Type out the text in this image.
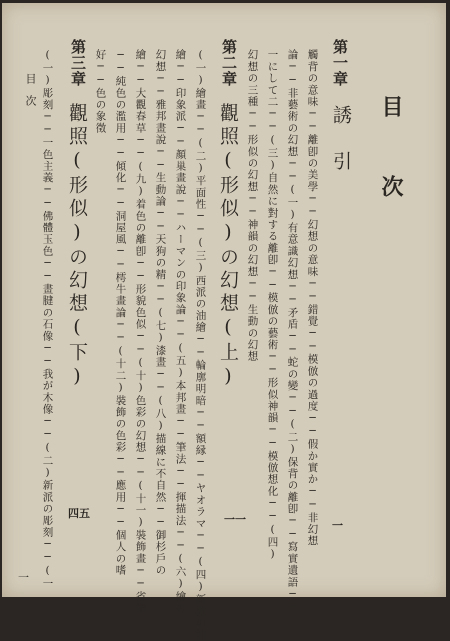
目　次
第一章
誘　引
一
觸背の意味──離卽の美學──幻想の意味──錯覺──模倣の過度──假か實か──非幻想
論──非藝術の幻想──(一)有意識幻想──矛盾──蛇の變──(二)保背の離卽──寫實遺語──
一にして二──(三)自然に對する離卽──模倣の藝術──形似神韻──模倣想化──(四)
幻想の三種──形似の幻想──神韻の幻想──生動の幻想
第二章
觀照(形似)の幻想(上)
一一
(一)繪畫──(二)平面性──(三)西派の油繪──輪廓明暗──額縁──ヤオラマ──(四)新派の油
繪──印象派──顏巢畫說──ハーマンの印象論──(五)本邦畫──筆法──揮描法──(六)繪の
幻想──雅邦畫說──生動論──天狗の精──(七)漆畫──(八)描線に不自然──御杉戶の
繪──大觀春草──(九)着色の離卽──形貌色似──(十)色彩の幻想──(十一)裝飾畫──省筆
──純色の濫用──傾化──洞屋風──樗牛畫論──(十二)裝飾の色彩──應用──個人の嗜
好──色の象徵
第三章
觀照(形似)の幻想(下)
四五
(一)彫刻──一色主義──佛體玉色──畫腱の石像──我が木像──(二)新派の彫刻──(一
目　次
一
